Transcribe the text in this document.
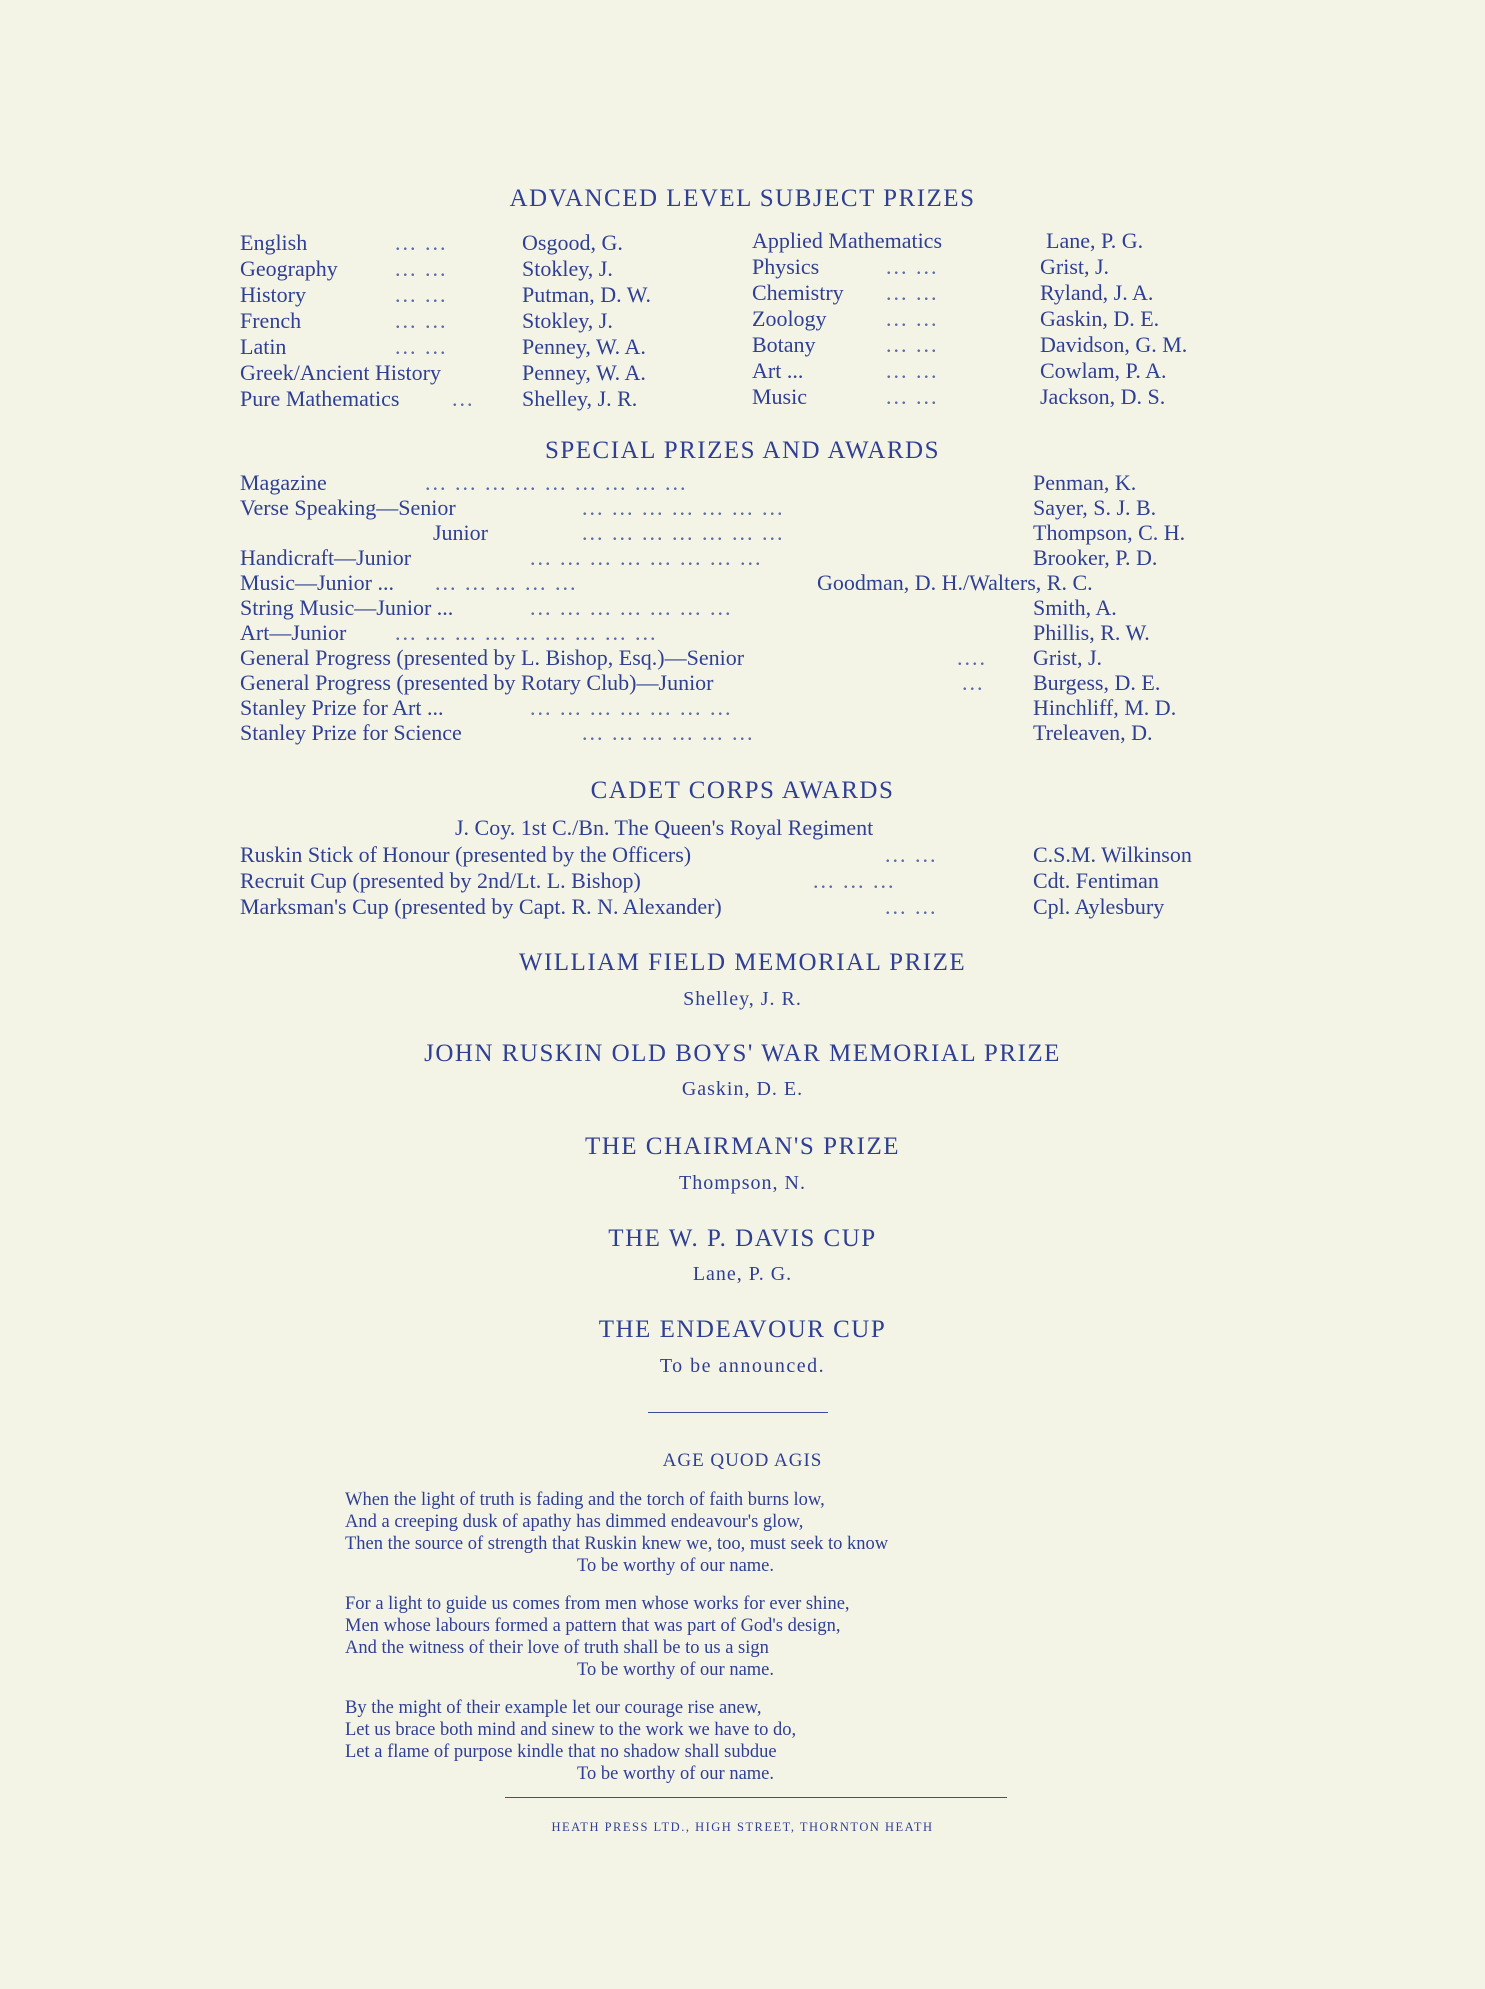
ADVANCED LEVEL SUBJECT PRIZES
English	... ...	Osgood, G.
Geography	... ...	Stokley, J.
History	... ...	Putman, D. W.
French	... ...	Stokley, J.
Latin	... ...	Penney, W. A.
Greek/Ancient History	Penney, W. A.
Pure Mathematics ... Shelley, J. R.
Applied Mathematics	Lane, P. G.
Physics	... ...	Grist, J.
Chemistry ... ...	Ryland, J. A.
Zoology	... ...	Gaskin, D. E.
Botany	... ...	Davidson, G. M.
Art ...	... ...	Cowlam, P. A.
Music	... ...	Jackson, D. S.
SPECIAL PRIZES AND AWARDS
Magazine	... ... ... ... ... ... ... ... ...	Penman, K.
Verse Speaking—Senior	... ... ... ... ... ... ...	Sayer, S. J. B.
Junior	... ... ... ... ... ... ...	Thompson, C. H.
Handicraft—Junior	... ... ... ... ... ... ... ...	Brooker, P. D.
Music—Junior ... ... ... ... ... ...	Goodman, D. H./Walters, R. C.
String Music—Junior ...	... ... ... ... ... ... ...	Smith, A.
Art—Junior ... ... ... ... ... ... ... ... ...	Phillis, R. W.
General Progress (presented by L. Bishop, Esq.)—Senior	.... Grist, J.
General Progress (presented by Rotary Club)—Junior	... Burgess, D. E.
Stanley Prize for Art ...	... ... ... ... ... ... ...	Hinchliff, M. D.
Stanley Prize for Science	... ... ... ... ... ...	Treleaven, D.
CADET CORPS AWARDS
J. Coy. 1st C./Bn. The Queen's Royal Regiment
Ruskin Stick of Honour (presented by the Officers)	... ...	C.S.M. Wilkinson
Recruit Cup (presented by 2nd/Lt. L. Bishop)	... ... ...	Cdt. Fentiman
Marksman's Cup (presented by Capt. R. N. Alexander)	... ...	Cpl. Aylesbury
WILLIAM FIELD MEMORIAL PRIZE
Shelley, J. R.
JOHN RUSKIN OLD BOYS' WAR MEMORIAL PRIZE
Gaskin, D. E.
THE CHAIRMAN'S PRIZE
Thompson, N.
THE W. P. DAVIS CUP
Lane, P. G.
THE ENDEAVOUR CUP
To be announced.
AGE QUOD AGIS
When the light of truth is fading and the torch of faith burns low,
And a creeping dusk of apathy has dimmed endeavour's glow,
Then the source of strength that Ruskin knew we, too, must seek to know
To be worthy of our name.
For a light to guide us comes from men whose works for ever shine,
Men whose labours formed a pattern that was part of God's design,
And the witness of their love of truth shall be to us a sign
To be worthy of our name.
By the might of their example let our courage rise anew,
Let us brace both mind and sinew to the work we have to do,
Let a flame of purpose kindle that no shadow shall subdue
To be worthy of our name.
HEATH PRESS LTD., HIGH STREET, THORNTON HEATH
